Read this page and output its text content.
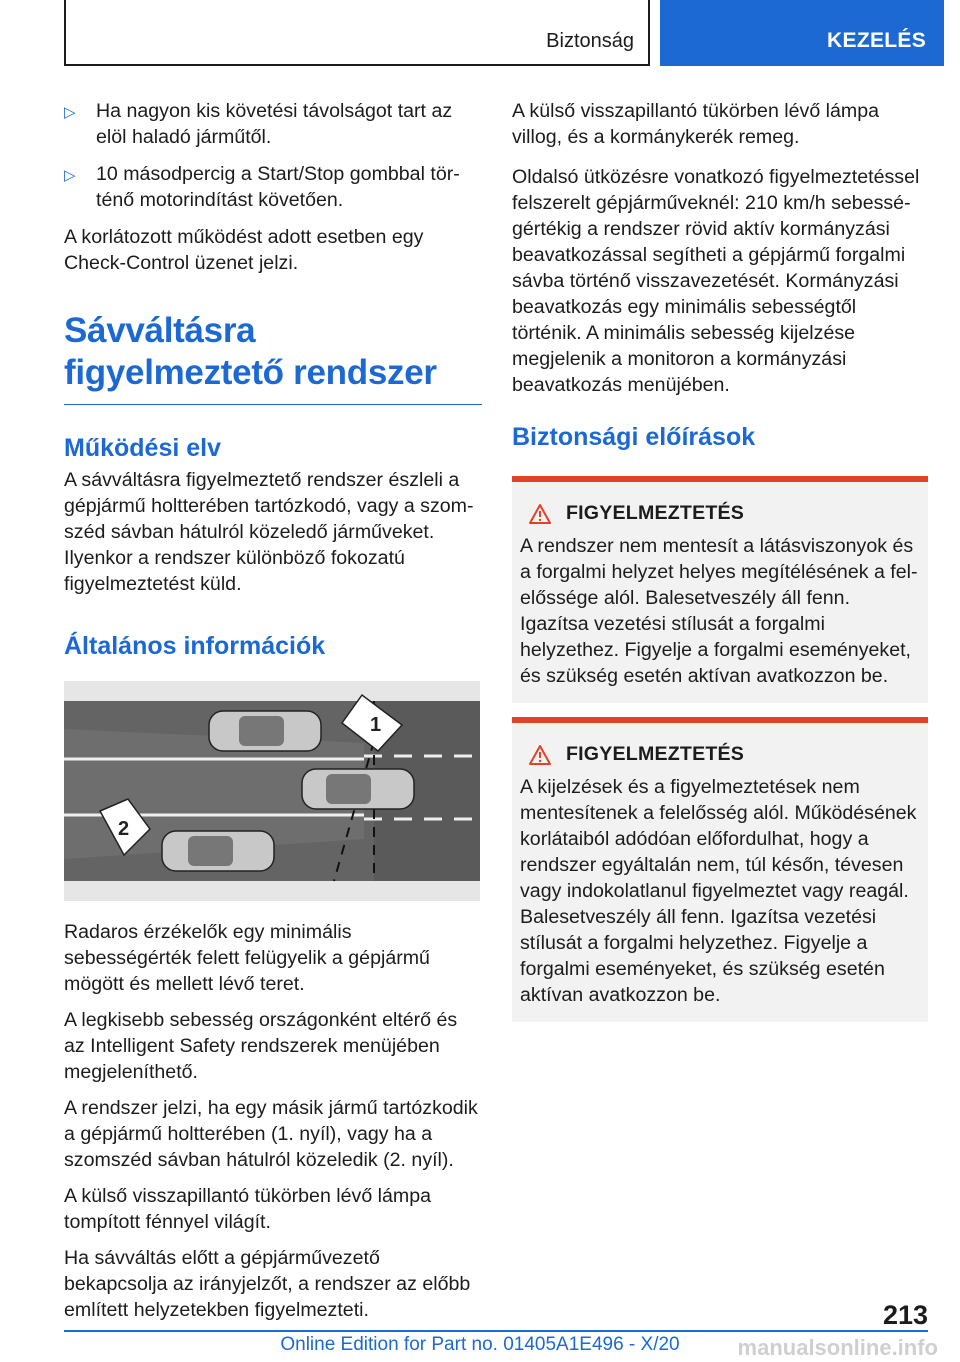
Biztonság	KEZELÉS
▷ Ha nagyon kis követési távolságot tart az elöl haladó járműtől.
▷ 10 másodpercig a Start/Stop gombbal történő motorindítást követően.

A korlátozott működést adott esetben egy Check-Control üzenet jelzi.

Sávváltásra figyelmeztető rendszer
Működési elv

A sávváltásra figyelmeztető rendszer észleli a gépjármű holtterében tartózkodó, vagy a szomszéd sávban hátulról közeledő járműveket. Ilyenkor a rendszer különböző fokozatú figyelmeztetést küld.

Általános információk
1
2

Radaros érzékelők egy minimális sebességérték felett felügyelik a gépjármű mögött és mellett lévő teret.

A legkisebb sebesség országonként eltérő és az Intelligent Safety rendszerek menüjében megjeleníthető.

A rendszer jelzi, ha egy másik jármű tartózkodik a gépjármű holtterében (1. nyíl), vagy ha a szomszéd sávban hátulról közeledik (2. nyíl).

A külső visszapillantó tükörben lévő lámpa tompított fénnyel világít.

Ha sávváltás előtt a gépjárművezető bekapcsolja az irányjelzőt, a rendszer az előbb említett helyzetekben figyelmezteti.

A külső visszapillantó tükörben lévő lámpa villog, és a kormánykerék remeg.

Oldalsó ütközésre vonatkozó figyelmeztetéssel felszerelt gépjárműveknél: 210 km/h sebességértékig a rendszer rövid aktív kormányzási beavatkozással segítheti a gépjármű forgalmi sávba történő visszavezetését. Kormányzási beavatkozás egy minimális sebességtől történik. A minimális sebesség kijelzése megjelenik a monitoron a kormányzási beavatkozás menüjében.

Biztonsági előírások
FIGYELMEZTETÉS

A rendszer nem mentesít a látásviszonyok és a forgalmi helyzet helyes megítélésének a felelőssége alól. Balesetveszély áll fenn. Igazítsa vezetési stílusát a forgalmi helyzethez. Figyelje a forgalmi eseményeket, és szükség esetén aktívan avatkozzon be.

FIGYELMEZTETÉS

A kijelzések és a figyelmeztetések nem mentesítenek a felelősség alól. Működésének korlátaiból adódóan előfordulhat, hogy a rendszer egyáltalán nem, túl későn, tévesen vagy indokolatlanul figyelmeztet vagy reagál. Balesetveszély áll fenn. Igazítsa vezetési stílusát a forgalmi helyzethez. Figyelje a forgalmi eseményeket, és szükség esetén aktívan avatkozzon be.

213
Online Edition for Part no. 01405A1E496 - X/20	manualsonline.info
